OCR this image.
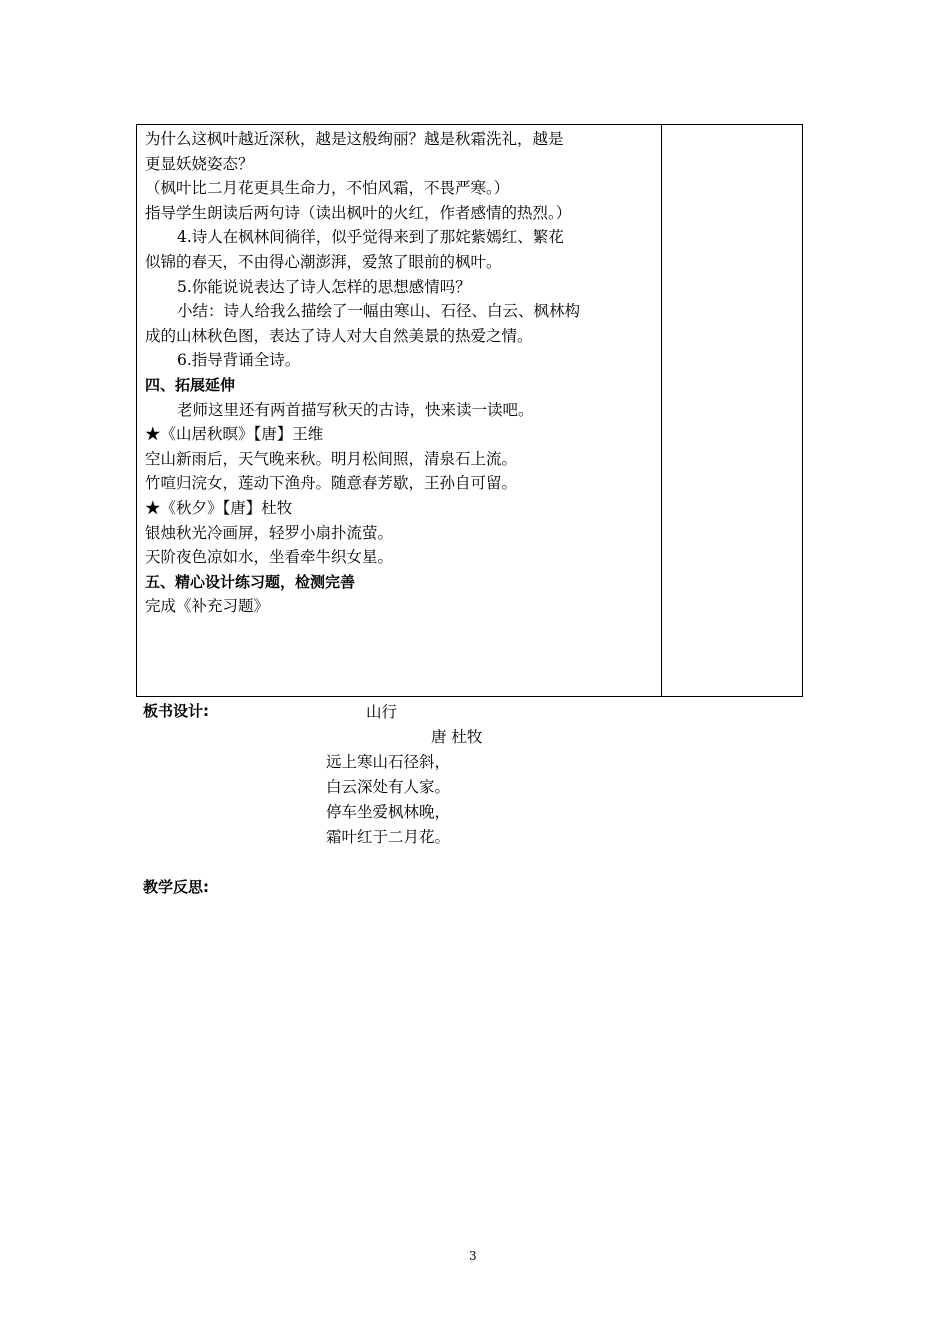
为什么这枫叶越近深秋，越是这般绚丽？越是秋霜洗礼，越是
更显妖娆姿态？
（枫叶比二月花更具生命力，不怕风霜，不畏严寒。）
指导学生朗读后两句诗（读出枫叶的火红，作者感情的热烈。）
4.诗人在枫林间徜徉，似乎觉得来到了那姹紫嫣红、繁花
似锦的春天，不由得心潮澎湃，爱煞了眼前的枫叶。
5.你能说说表达了诗人怎样的思想感情吗？
小结：诗人给我么描绘了一幅由寒山、石径、白云、枫林构
成的山林秋色图，表达了诗人对大自然美景的热爱之情。
6.指导背诵全诗。
四、拓展延伸
老师这里还有两首描写秋天的古诗，快来读一读吧。
★《山居秋暝》【唐】王维
空山新雨后，天气晚来秋。明月松间照，清泉石上流。
竹喧归浣女，莲动下渔舟。随意春芳歇，王孙自可留。
★《秋夕》【唐】杜牧
银烛秋光冷画屏，轻罗小扇扑流萤。
天阶夜色凉如水，坐看牵牛织女星。
五、精心设计练习题，检测完善
完成《补充习题》
板书设计:	山行
唐 杜牧
远上寒山石径斜，
白云深处有人家。
停车坐爱枫林晚，
霜叶红于二月花。
教学反思:
3
